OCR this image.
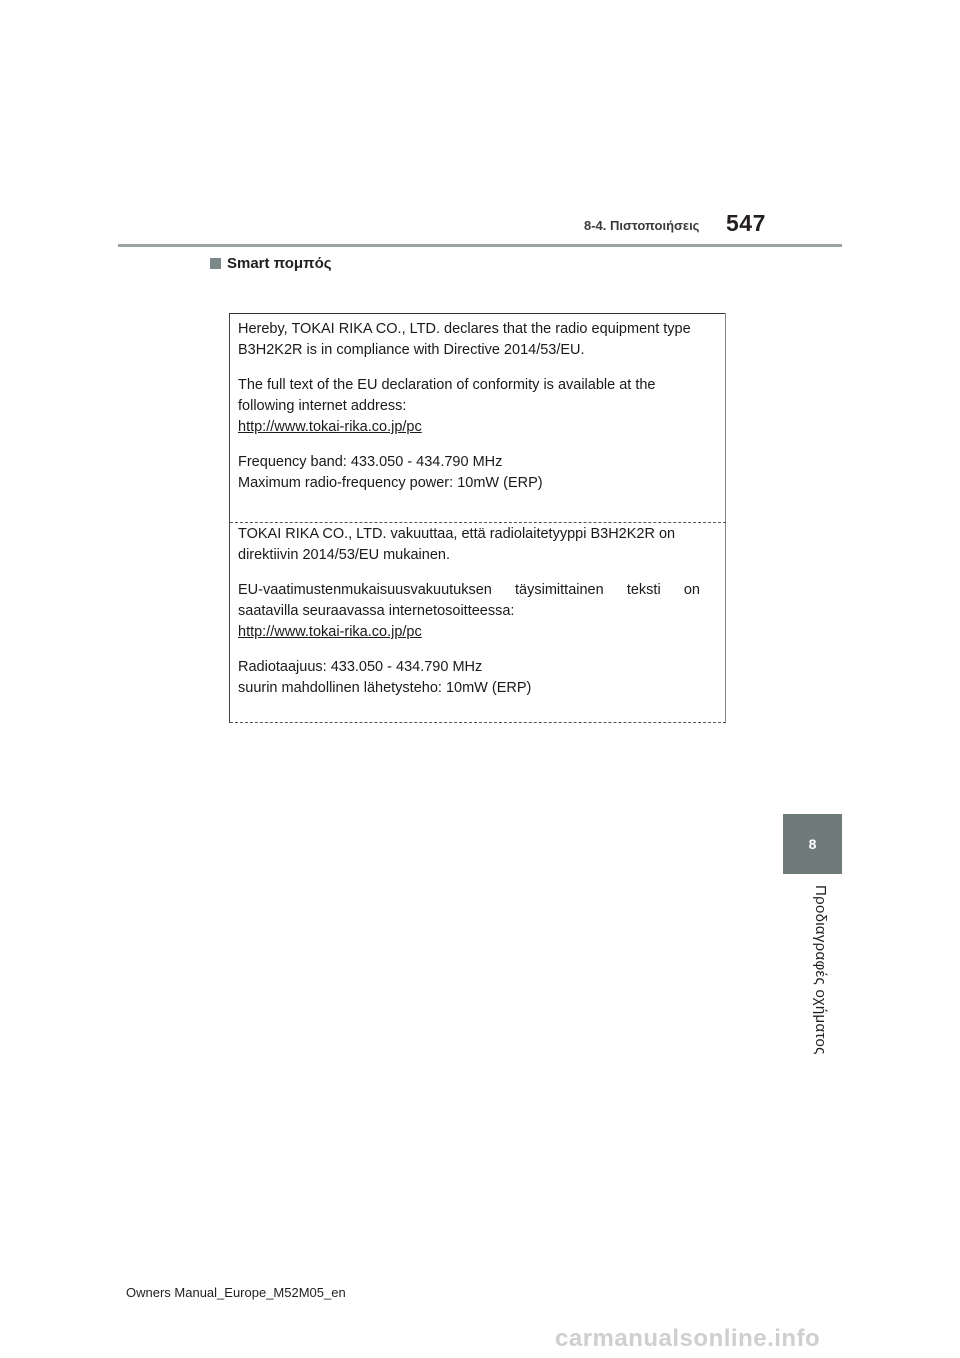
8-4. Πιστοποιήσεις 547
Smart πομπός

Hereby, TOKAI RIKA CO., LTD. declares that the radio equipment type

B3H2K2R is in compliance with Directive 2014/53/EU.

The full text of the EU declaration of conformity is available at the

following internet address:

http://www.tokai-rika.co.jp/pc

Frequency band: 433.050 - 434.790 MHz

Maximum radio-frequency power: 10mW (ERP)

TOKAI RIKA CO., LTD. vakuuttaa, että radiolaitetyyppi B3H2K2R on

direktiivin 2014/53/EU mukainen.

EU-vaatimustenmukaisuusvakuutuksen täysimittainen teksti on

saatavilla seuraavassa internetosoitteessa:

http://www.tokai-rika.co.jp/pc

Radiotaajuus: 433.050 - 434.790 MHz

suurin mahdollinen lähetysteho: 10mW (ERP)

8
Προδιαγραφές οχήματος
Owners Manual_Europe_M52M05_en
carmanualsonline.info
